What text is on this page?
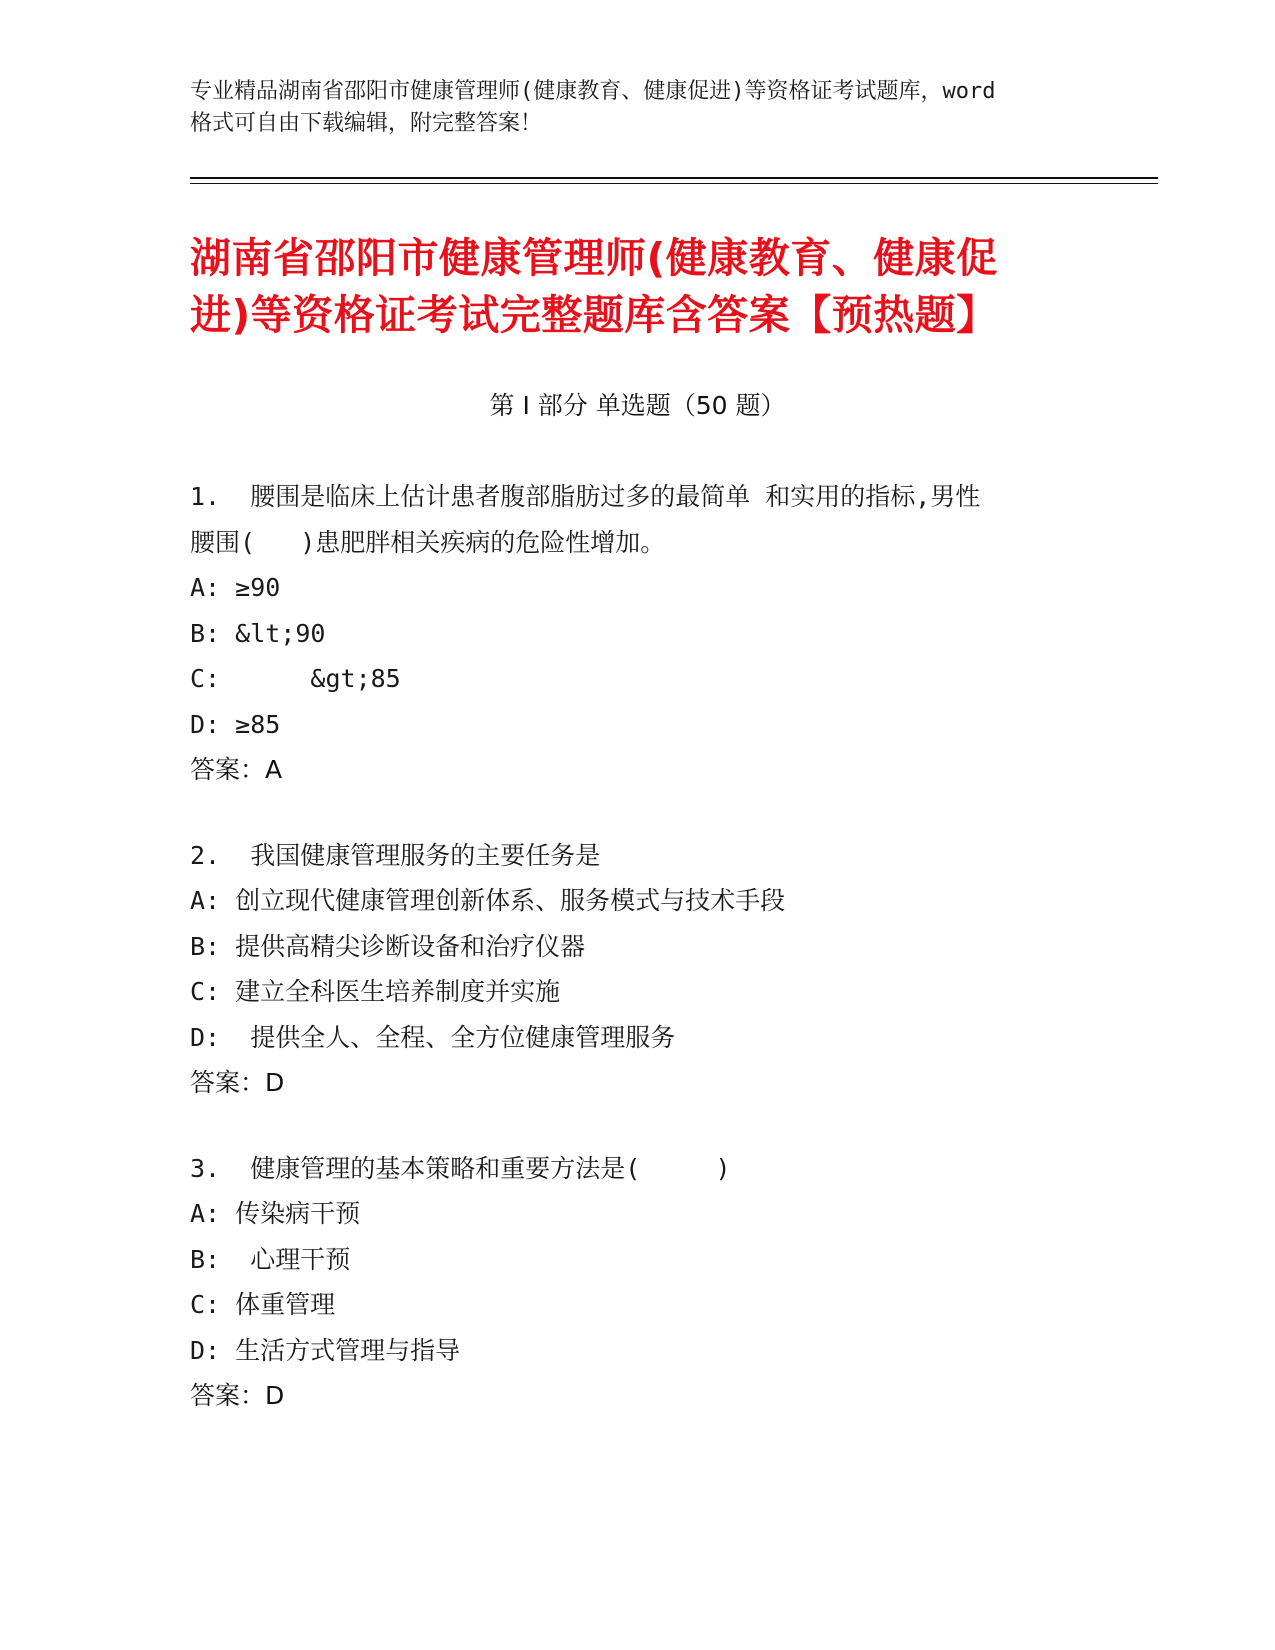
专业精品湖南省邵阳市健康管理师(健康教育、健康促进)等资格证考试题库，word
格式可自由下载编辑，附完整答案！
湖南省邵阳市健康管理师(健康教育、健康促
进)等资格证考试完整题库含答案【预热题】
第 I 部分 单选题（50 题）
1.  腰围是临床上估计患者腹部脂肪过多的最简单 和实用的指标,男性
腰围(   )患肥胖相关疾病的危险性增加。
A: ≥90
B: &lt;90
C:      &gt;85
D: ≥85
答案：A
2.  我国健康管理服务的主要任务是
A: 创立现代健康管理创新体系、服务模式与技术手段
B: 提供高精尖诊断设备和治疗仪器
C: 建立全科医生培养制度并实施
D:  提供全人、全程、全方位健康管理服务
答案：D
3.  健康管理的基本策略和重要方法是(     )
A: 传染病干预
B:  心理干预
C: 体重管理
D: 生活方式管理与指导
答案：D
